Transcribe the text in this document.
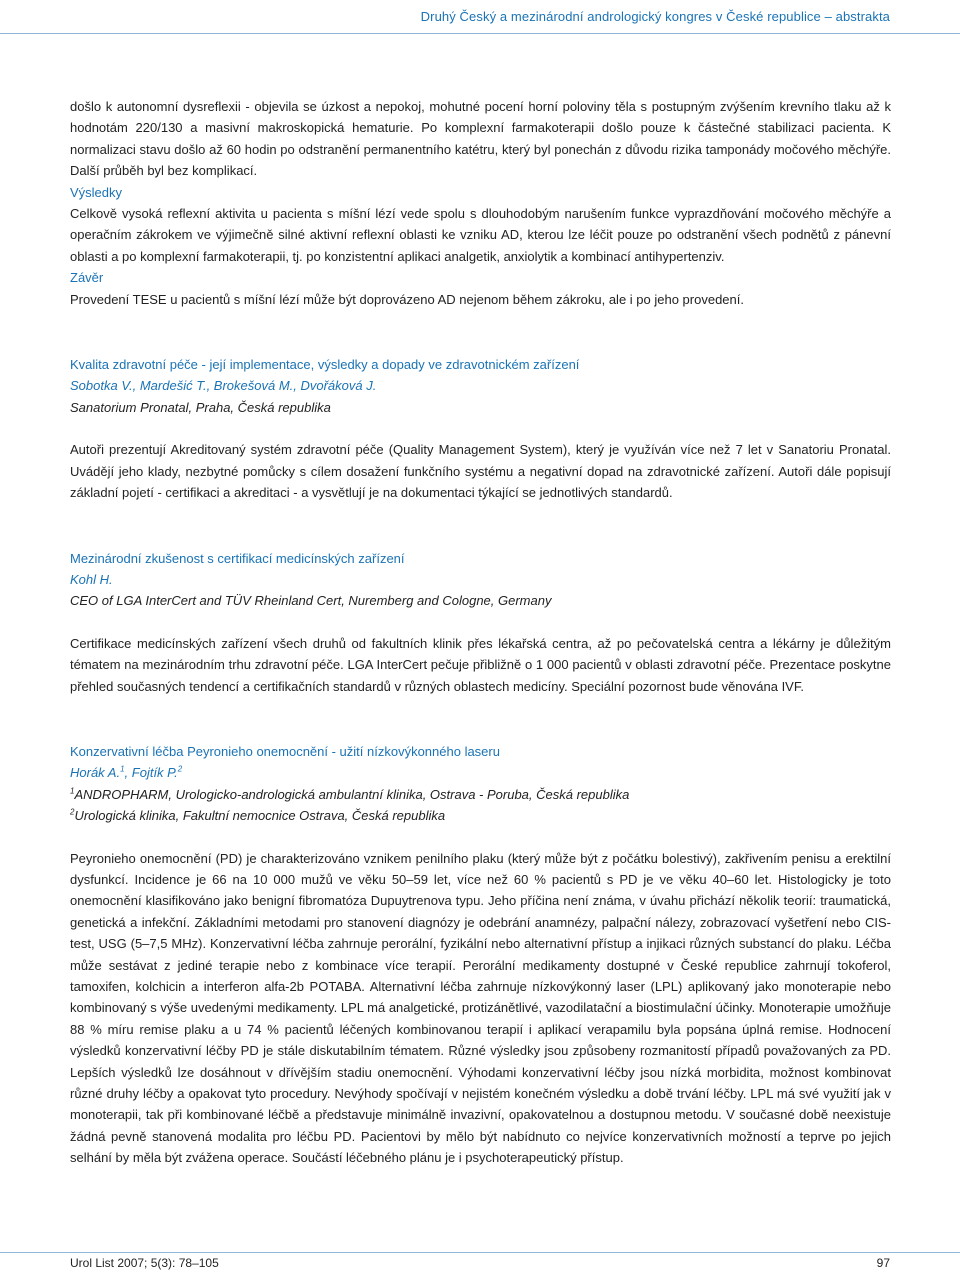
Druhý Český a mezinárodní andrologický kongres v České republice – abstrakta

došlo k autonomní dysreflexii - objevila se úzkost a nepokoj, mohutné pocení horní poloviny těla s postupným zvýšením krevního tlaku až k hodnotám 220/130 a masivní makroskopická hematurie. Po komplexní farmakoterapii došlo pouze k částečné stabilizaci pacienta. K normalizaci stavu došlo až 60 hodin po odstranění permanentního katétru, který byl ponechán z důvodu rizika tamponády močového měchýře. Další průběh byl bez komplikací.

Výsledky

Celkově vysoká reflexní aktivita u pacienta s míšní lézí vede spolu s dlouhodobým narušením funkce vyprazdňování močového měchýře a operačním zákrokem ve výjimečně silné aktivní reflexní oblasti ke vzniku AD, kterou lze léčit pouze po odstranění všech podnětů z pánevní oblasti a po komplexní farmakoterapii, tj. po konzistentní aplikaci analgetik, anxiolytik a kombinací antihypertenziv.

Závěr

Provedení TESE u pacientů s míšní lézí může být doprovázeno AD nejenom během zákroku, ale i po jeho provedení.

Kvalita zdravotní péče - její implementace, výsledky a dopady ve zdravotnickém zařízení
Sobotka V., Mardešić T., Brokešová M., Dvořáková J.
Sanatorium Pronatal, Praha, Česká republika

Autoři prezentují Akreditovaný systém zdravotní péče (Quality Management System), který je využíván více než 7 let v Sanatoriu Pronatal. Uvádějí jeho klady, nezbytné pomůcky s cílem dosažení funkčního systému a negativní dopad na zdravotnické zařízení. Autoři dále popisují základní pojetí - certifikaci a akreditaci - a vysvětlují je na dokumentaci týkající se jednotlivých standardů.

Mezinárodní zkušenost s certifikací medicínských zařízení
Kohl H.
CEO of LGA InterCert and TÜV Rheinland Cert, Nuremberg and Cologne, Germany

Certifikace medicínských zařízení všech druhů od fakultních klinik přes lékařská centra, až po pečovatelská centra a lékárny je důležitým tématem na mezinárodním trhu zdravotní péče. LGA InterCert pečuje přibližně o 1 000 pacientů v oblasti zdravotní péče. Prezentace poskytne přehled současných tendencí a certifikačních standardů v různých oblastech medicíny. Speciální pozornost bude věnována IVF.

Konzervativní léčba Peyronieho onemocnění - užití nízkovýkonného laseru
Horák A.$^1$, Fojtík P.$^2$
$^1$ANDROPHARM, Urologicko-andrologická ambulantní klinika, Ostrava - Poruba, Česká republika
$^2$Urologická klinika, Fakultní nemocnice Ostrava, Česká republika

Peyronieho onemocnění (PD) je charakterizováno vznikem penilního plaku (který může být z počátku bolestivý), zakřivením penisu a erektilní dysfunkcí. Incidence je 66 na 10 000 mužů ve věku 50–59 let, více než 60 % pacientů s PD je ve věku 40–60 let. Histologicky je toto onemocnění klasifikováno jako benigní fibromatóza Dupuytrenova typu. Jeho příčina není známa, v úvahu přichází několik teorií: traumatická, genetická a infekční. Základními metodami pro stanovení diagnózy je odebrání anamnézy, palpační nálezy, zobrazovací vyšetření nebo CIS- test, USG (5–7,5 MHz). Konzervativní léčba zahrnuje perorální, fyzikální nebo alternativní přístup a injikaci různých substancí do plaku. Léčba může sestávat z jediné terapie nebo z kombinace více terapií. Perorální medikamenty dostupné v České republice zahrnují tokoferol, tamoxifen, kolchicin a interferon alfa-2b POTABA. Alternativní léčba zahrnuje nízkovýkonný laser (LPL) aplikovaný jako monoterapie nebo kombinovaný s výše uvedenými medikamenty. LPL má analgetické, protizánětlivé, vazodilatační a biostimulační účinky. Monoterapie umožňuje 88 % míru remise plaku a u 74 % pacientů léčených kombinovanou terapií i aplikací verapamilu byla popsána úplná remise. Hodnocení výsledků konzervativní léčby PD je stále diskutabilním tématem. Různé výsledky jsou způsobeny rozmanitostí případů považovaných za PD. Lepších výsledků lze dosáhnout v dřívějším stadiu onemocnění. Výhodami konzervativní léčby jsou nízká morbidita, možnost kombinovat různé druhy léčby a opakovat tyto procedury. Nevýhody spočívají v nejistém konečném výsledku a době trvání léčby. LPL má své využití jak v monoterapii, tak při kombinované léčbě a představuje minimálně invazivní, opakovatelnou a dostupnou metodu. V současné době neexistuje žádná pevně stanovená modalita pro léčbu PD. Pacientovi by mělo být nabídnuto co nejvíce konzervativních možností a teprve po jejich selhání by měla být zvážena operace. Součástí léčebného plánu je i psychoterapeutický přístup.

Urol List 2007; 5(3): 78–105	97
